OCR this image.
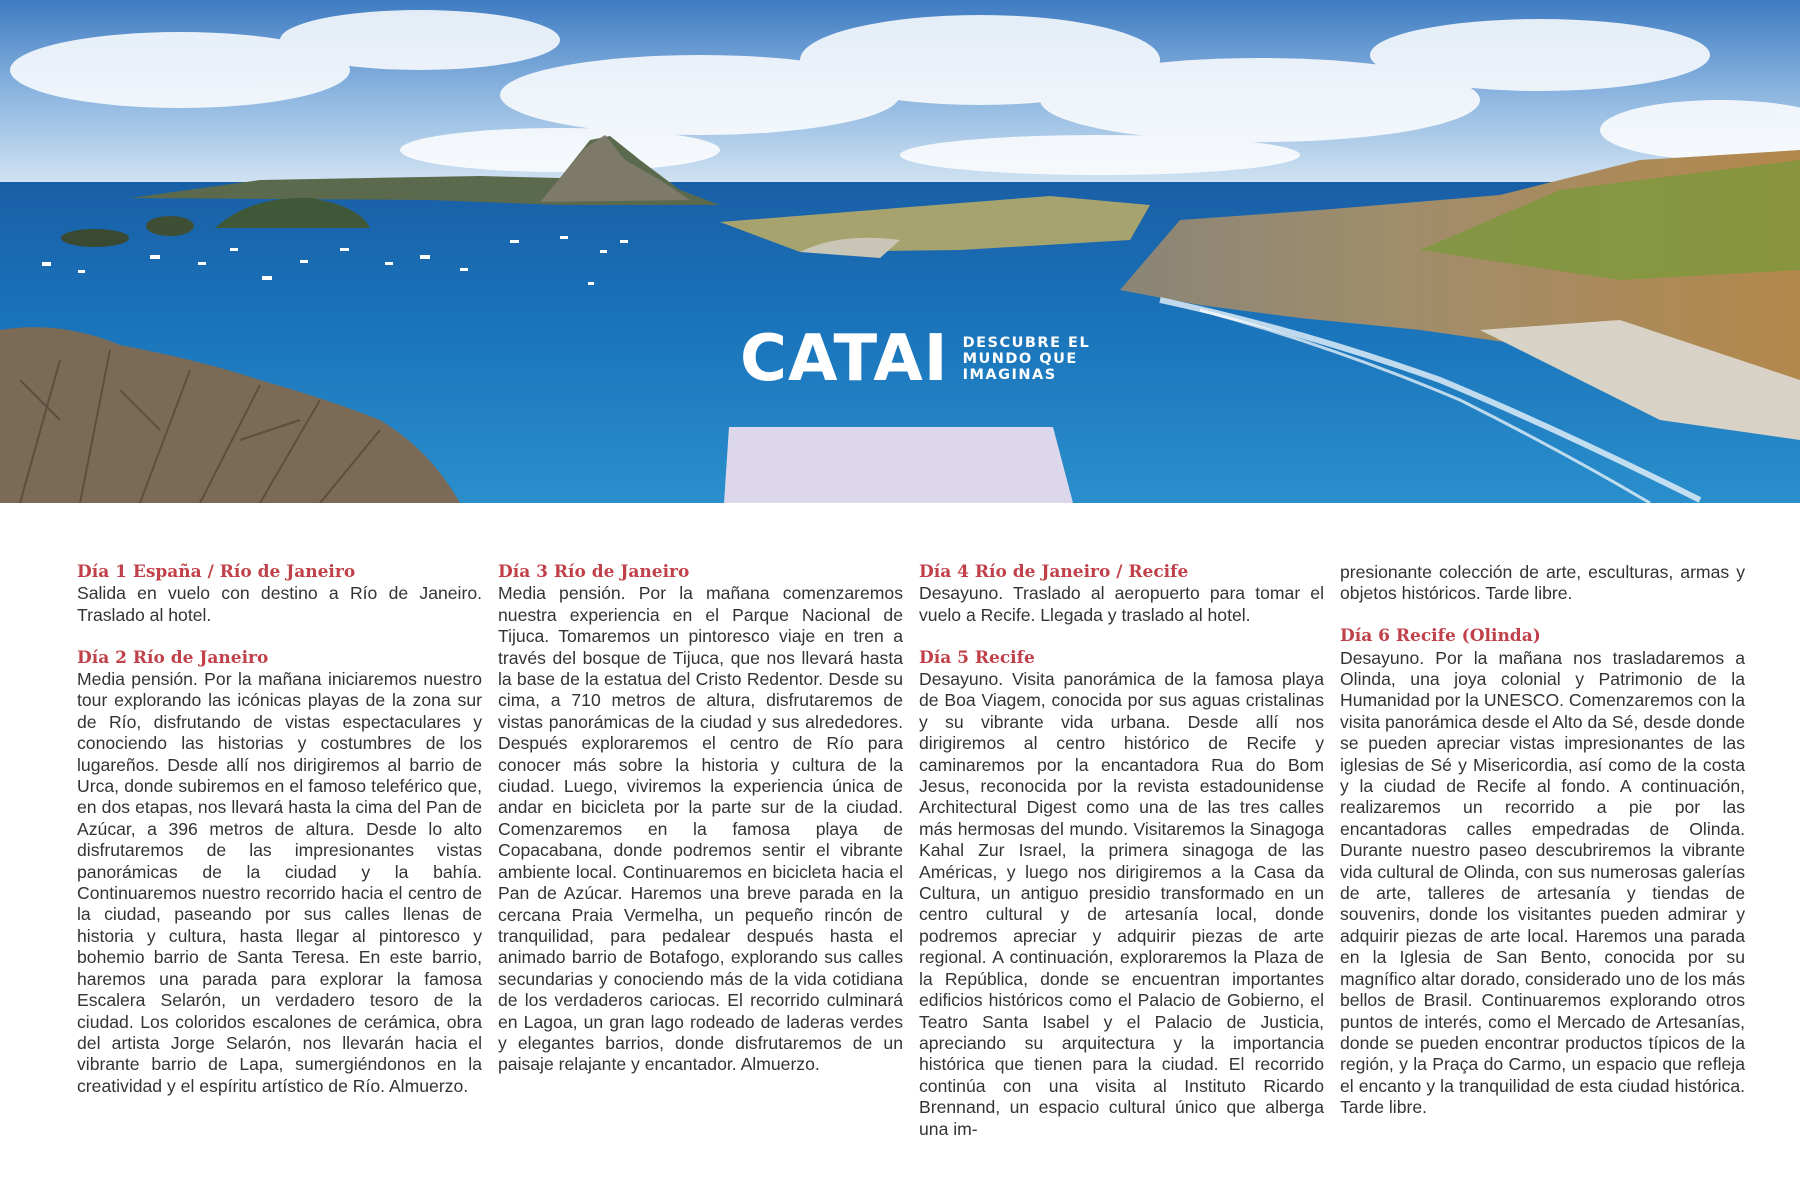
CATAI DESCUBRE EL
MUNDO QUE
IMAGINAS
Día 1 España / Río de Janeiro

Salida en vuelo con destino a Río de Janeiro. Traslado al hotel.

Día 2 Río de Janeiro

Media pensión. Por la mañana iniciaremos nuestro tour explorando las icónicas playas de la zona sur de Río, disfrutando de vistas espectaculares y conociendo las historias y costumbres de los lugareños. Desde allí nos dirigiremos al barrio de Urca, donde subiremos en el famoso teleférico que, en dos etapas, nos llevará hasta la cima del Pan de Azúcar, a 396 metros de altura. Desde lo alto disfrutaremos de las impresionantes vistas panorámicas de la ciudad y la bahía. Continuaremos nuestro recorrido hacia el centro de la ciudad, paseando por sus calles llenas de historia y cultura, hasta llegar al pintoresco y bohemio barrio de Santa Teresa. En este barrio, haremos una parada para explorar la famosa Escalera Selarón, un verdadero tesoro de la ciudad. Los coloridos escalones de cerámica, obra del artista Jorge Selarón, nos llevarán hacia el vibrante barrio de Lapa, sumergiéndonos en la creatividad y el espíritu artístico de Río. Almuerzo.

Día 3 Río de Janeiro

Media pensión. Por la mañana comenzaremos nuestra experiencia en el Parque Nacional de Tijuca. Tomaremos un pintoresco viaje en tren a través del bosque de Tijuca, que nos llevará hasta la base de la estatua del Cristo Redentor. Desde su cima, a 710 metros de altura, disfrutaremos de vistas panorámicas de la ciudad y sus alrededores. Después exploraremos el centro de Río para conocer más sobre la historia y cultura de la ciudad. Luego, viviremos la experiencia única de andar en bicicleta por la parte sur de la ciudad. Comenzaremos en la famosa playa de Copacabana, donde podremos sentir el vibrante ambiente local. Continuaremos en bicicleta hacia el Pan de Azúcar. Haremos una breve parada en la cercana Praia Vermelha, un pequeño rincón de tranquilidad, para pedalear después hasta el animado barrio de Botafogo, explorando sus calles secundarias y conociendo más de la vida cotidiana de los verdaderos cariocas. El recorrido culminará en Lagoa, un gran lago rodeado de laderas verdes y elegantes barrios, donde disfrutaremos de un paisaje relajante y encantador. Almuerzo.

Día 4 Río de Janeiro / Recife

Desayuno. Traslado al aeropuerto para tomar el vuelo a Recife. Llegada y traslado al hotel.

Día 5 Recife

Desayuno. Visita panorámica de la famosa playa de Boa Viagem, conocida por sus aguas cristalinas y su vibrante vida urbana. Desde allí nos dirigiremos al centro histórico de Recife y caminaremos por la encantadora Rua do Bom Jesus, reconocida por la revista estadounidense Architectural Digest como una de las tres calles más hermosas del mundo. Visitaremos la Sinagoga Kahal Zur Israel, la primera sinagoga de las Américas, y luego nos dirigiremos a la Casa da Cultura, un antiguo presidio transformado en un centro cultural y de artesanía local, donde podremos apreciar y adquirir piezas de arte regional. A continuación, exploraremos la Plaza de la República, donde se encuentran importantes edificios históricos como el Palacio de Gobierno, el Teatro Santa Isabel y el Palacio de Justicia, apreciando su arquitectura y la importancia histórica que tienen para la ciudad. El recorrido continúa con una visita al Instituto Ricardo Brennand, un espacio cultural único que alberga una im-

presionante colección de arte, esculturas, armas y objetos históricos. Tarde libre.

Día 6 Recife (Olinda)

Desayuno. Por la mañana nos trasladaremos a Olinda, una joya colonial y Patrimonio de la Humanidad por la UNESCO. Comenzaremos con la visita panorámica desde el Alto da Sé, desde donde se pueden apreciar vistas impresionantes de las iglesias de Sé y Misericordia, así como de la costa y la ciudad de Recife al fondo. A continuación, realizaremos un recorrido a pie por las encantadoras calles empedradas de Olinda. Durante nuestro paseo descubriremos la vibrante vida cultural de Olinda, con sus numerosas galerías de arte, talleres de artesanía y tiendas de souvenirs, donde los visitantes pueden admirar y adquirir piezas de arte local. Haremos una parada en la Iglesia de San Bento, conocida por su magnífico altar dorado, considerado uno de los más bellos de Brasil. Continuaremos explorando otros puntos de interés, como el Mercado de Artesanías, donde se pueden encontrar productos típicos de la región, y la Praça do Carmo, un espacio que refleja el encanto y la tranquilidad de esta ciudad histórica. Tarde libre.
